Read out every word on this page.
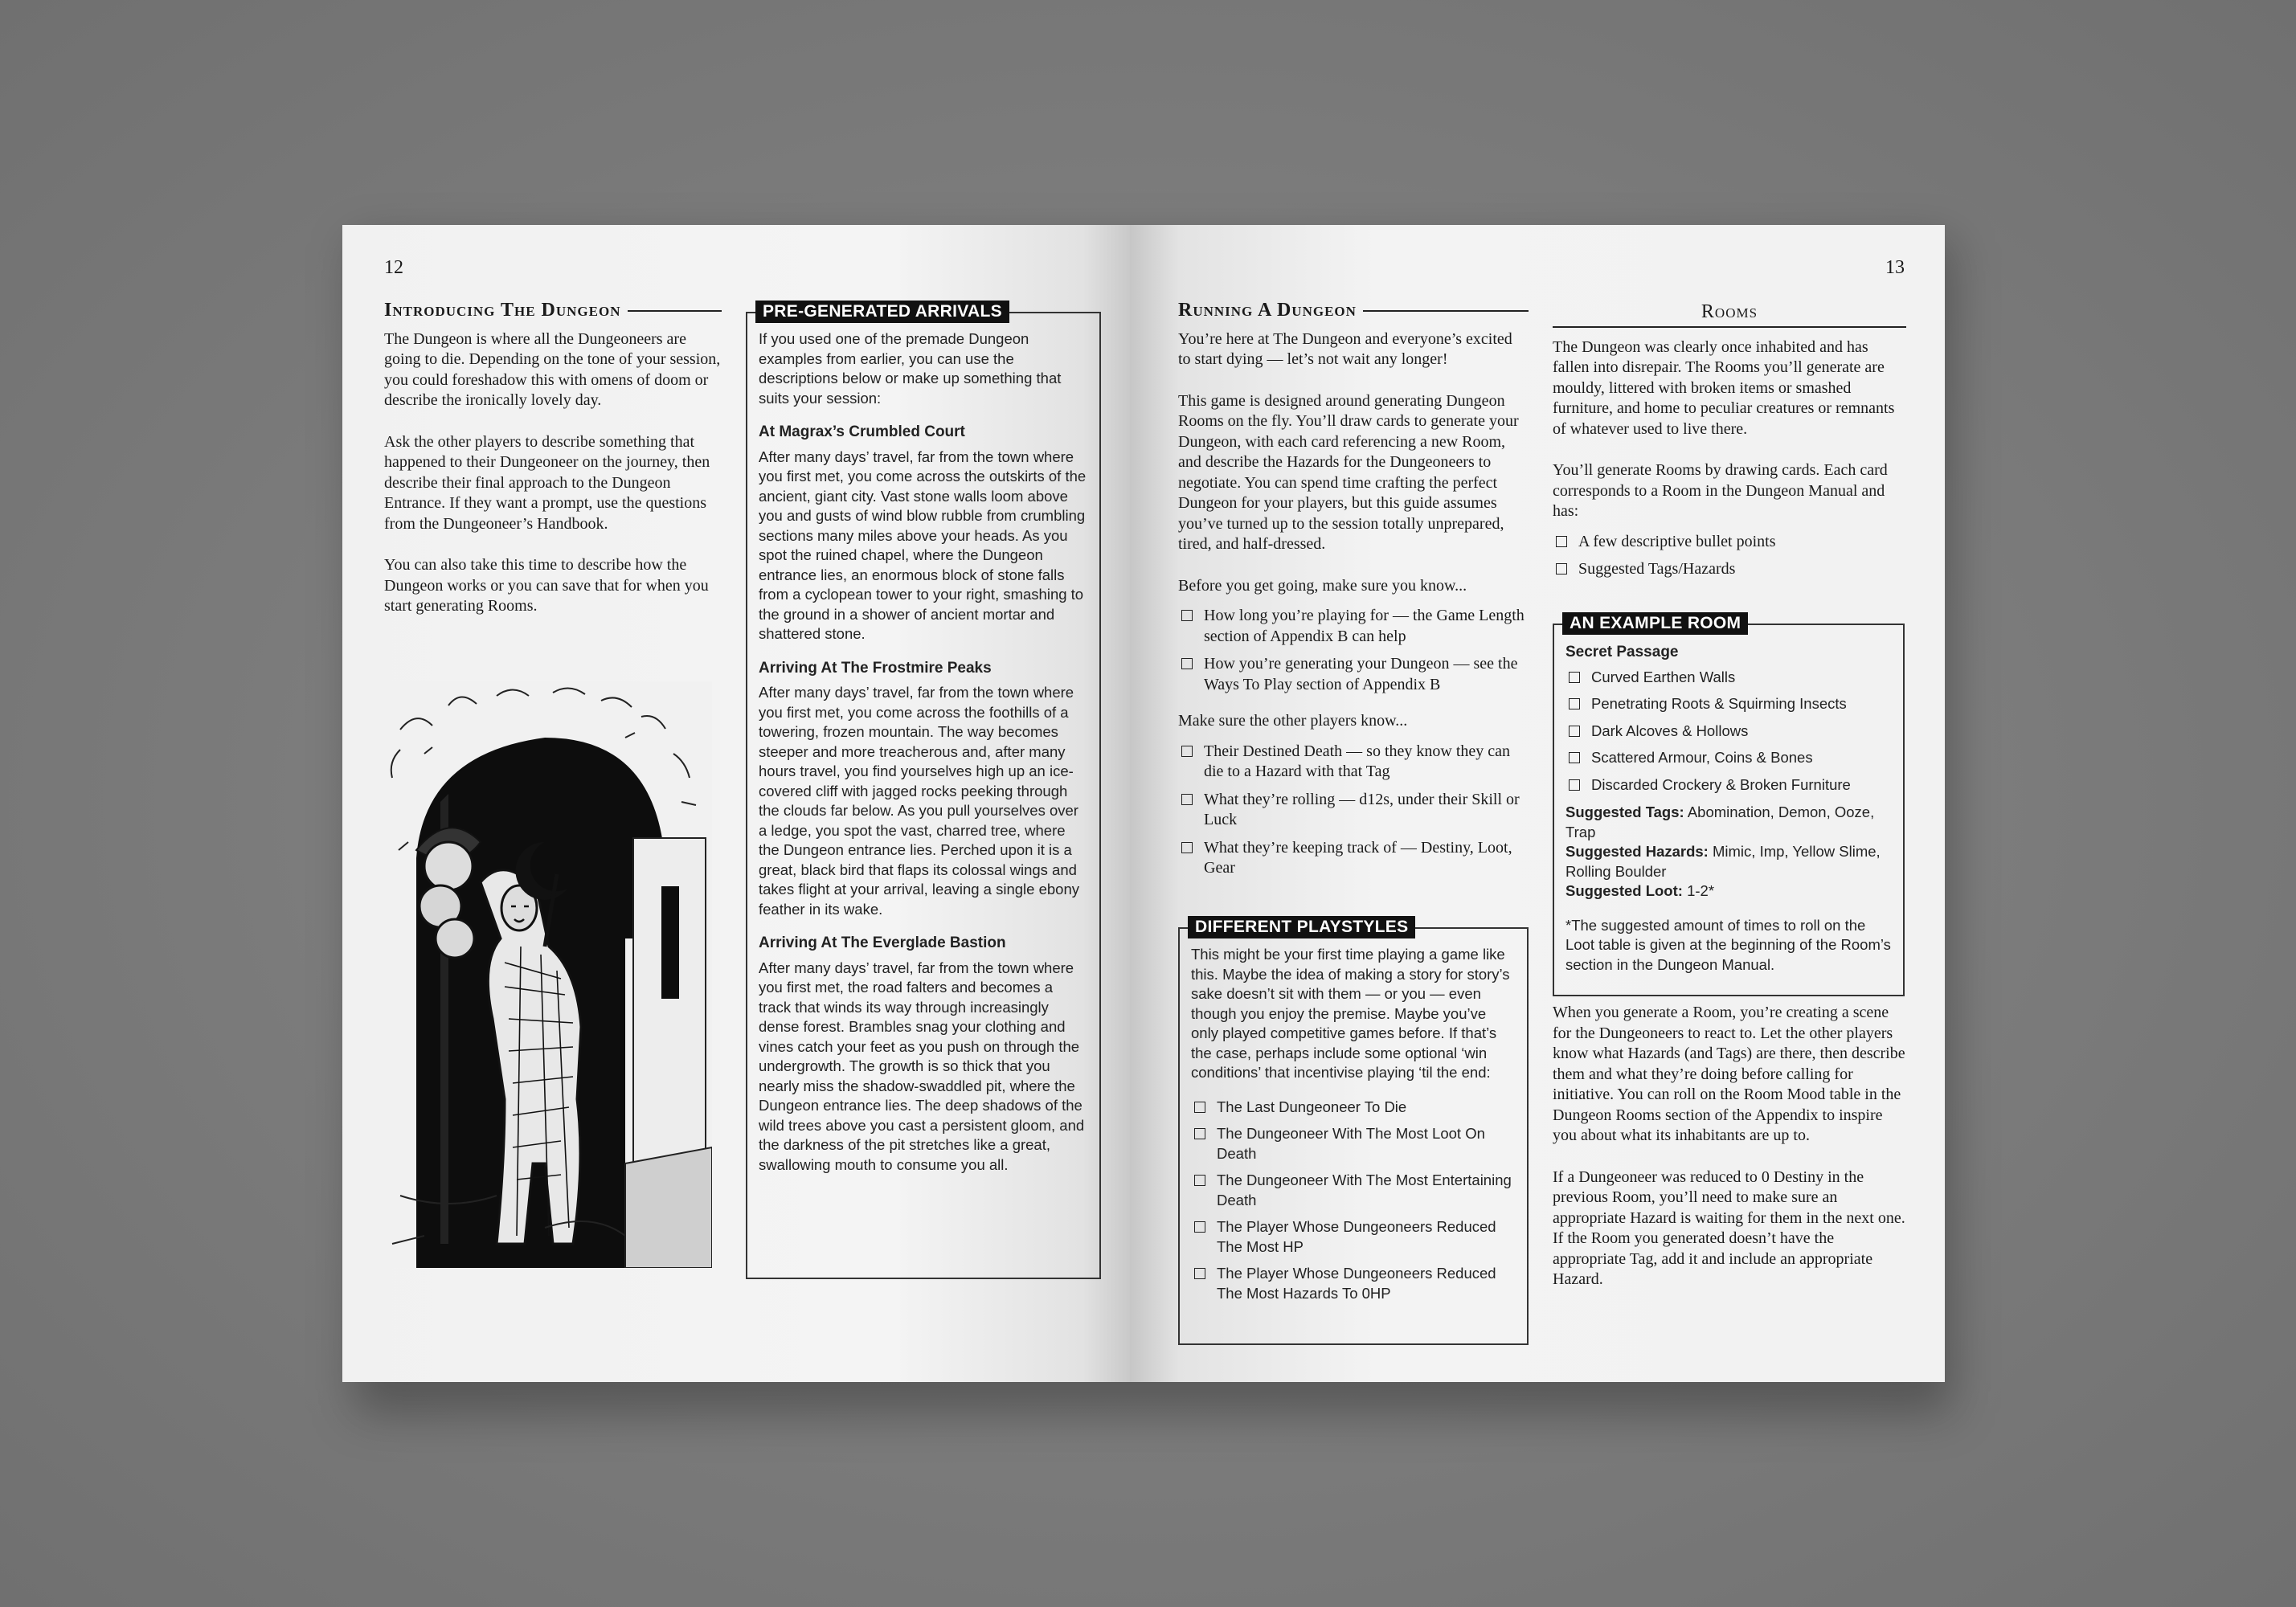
12
Introducing The Dungeon

The Dungeon is where all the Dungeoneers are going to die. Depending on the tone of your session, you could foreshadow this with omens of doom or describe the ironically lovely day.

Ask the other players to describe something that happened to their Dungeoneer on the journey, then describe their final approach to the Dungeon Entrance. If they want a prompt, use the questions from the Dungeoneer’s Handbook.

You can also take this time to describe how the Dungeon works or you can save that for when you start generating Rooms.

PRE-GENERATED ARRIVALS

If you used one of the premade Dungeon examples from earlier, you can use the descriptions below or make up something that suits your session:

At Magrax’s Crumbled Court

After many days’ travel, far from the town where you first met, you come across the outskirts of the ancient, giant city. Vast stone walls loom above you and gusts of wind blow rubble from crumbling sections many miles above your heads. As you spot the ruined chapel, where the Dungeon entrance lies, an enormous block of stone falls from a cyclopean tower to your right, smashing to the ground in a shower of ancient mortar and shattered stone.

Arriving At The Frostmire Peaks

After many days’ travel, far from the town where you first met, you come across the foothills of a towering, frozen mountain. The way becomes steeper and more treacherous and, after many hours travel, you find yourselves high up an ice-covered cliff with jagged rocks peeking through the clouds far below. As you pull yourselves over a ledge, you spot the vast, charred tree, where the Dungeon entrance lies. Perched upon it is a great, black bird that flaps its colossal wings and takes flight at your arrival, leaving a single ebony feather in its wake.

Arriving At The Everglade Bastion

After many days’ travel, far from the town where you first met, the road falters and becomes a track that winds its way through increasingly dense forest. Brambles snag your clothing and vines catch your feet as you push on through the undergrowth. The growth is so thick that you nearly miss the shadow-swaddled pit, where the Dungeon entrance lies. The deep shadows of the wild trees above you cast a persistent gloom, and the darkness of the pit stretches like a great, swallowing mouth to consume you all.

13
Running A Dungeon

You’re here at The Dungeon and everyone’s excited to start dying — let’s not wait any longer!

This game is designed around generating Dungeon Rooms on the fly. You’ll draw cards to generate your Dungeon, with each card referencing a new Room, and describe the Hazards for the Dungeoneers to negotiate. You can spend time crafting the perfect Dungeon for your players, but this guide assumes you’ve turned up to the session totally unprepared, tired, and half-dressed.

Before you get going, make sure you know...

How long you’re playing for — the Game Length section of Appendix B can help
How you’re generating your Dungeon — see the Ways To Play section of Appendix B

Make sure the other players know...

Their Destined Death — so they know they can die to a Hazard with that Tag
What they’re rolling — d12s, under their Skill or Luck
What they’re keeping track of — Destiny, Loot, Gear
DIFFERENT PLAYSTYLES

This might be your first time playing a game like this. Maybe the idea of making a story for story’s sake doesn’t sit with them — or you — even though you enjoy the premise. Maybe you’ve only played competitive games before. If that’s the case, perhaps include some optional ‘win conditions’ that incentivise playing ‘til the end:

The Last Dungeoneer To Die
The Dungeoneer With The Most Loot On Death
The Dungeoneer With The Most Entertaining Death
The Player Whose Dungeoneers Reduced The Most HP
The Player Whose Dungeoneers Reduced The Most Hazards To 0HP
Rooms

The Dungeon was clearly once inhabited and has fallen into disrepair. The Rooms you’ll generate are mouldy, littered with broken items or smashed furniture, and home to peculiar creatures or remnants of whatever used to live there.

You’ll generate Rooms by drawing cards. Each card corresponds to a Room in the Dungeon Manual and has:

A few descriptive bullet points
Suggested Tags/Hazards
AN EXAMPLE ROOM
Secret Passage
Curved Earthen Walls
Penetrating Roots & Squirming Insects
Dark Alcoves & Hollows
Scattered Armour, Coins & Bones
Discarded Crockery & Broken Furniture
Suggested Tags: Abomination, Demon, Ooze, Trap
Suggested Hazards: Mimic, Imp, Yellow Slime, Rolling Boulder
Suggested Loot: 1-2*
*The suggested amount of times to roll on the Loot table is given at the beginning of the Room’s section in the Dungeon Manual.

When you generate a Room, you’re creating a scene for the Dungeoneers to react to. Let the other players know what Hazards (and Tags) are there, then describe them and what they’re doing before calling for initiative. You can roll on the Room Mood table in the Dungeon Rooms section of the Appendix to inspire you about what its inhabitants are up to.

If a Dungeoneer was reduced to 0 Destiny in the previous Room, you’ll need to make sure an appropriate Hazard is waiting for them in the next one. If the Room you generated doesn’t have the appropriate Tag, add it and include an appropriate Hazard.
